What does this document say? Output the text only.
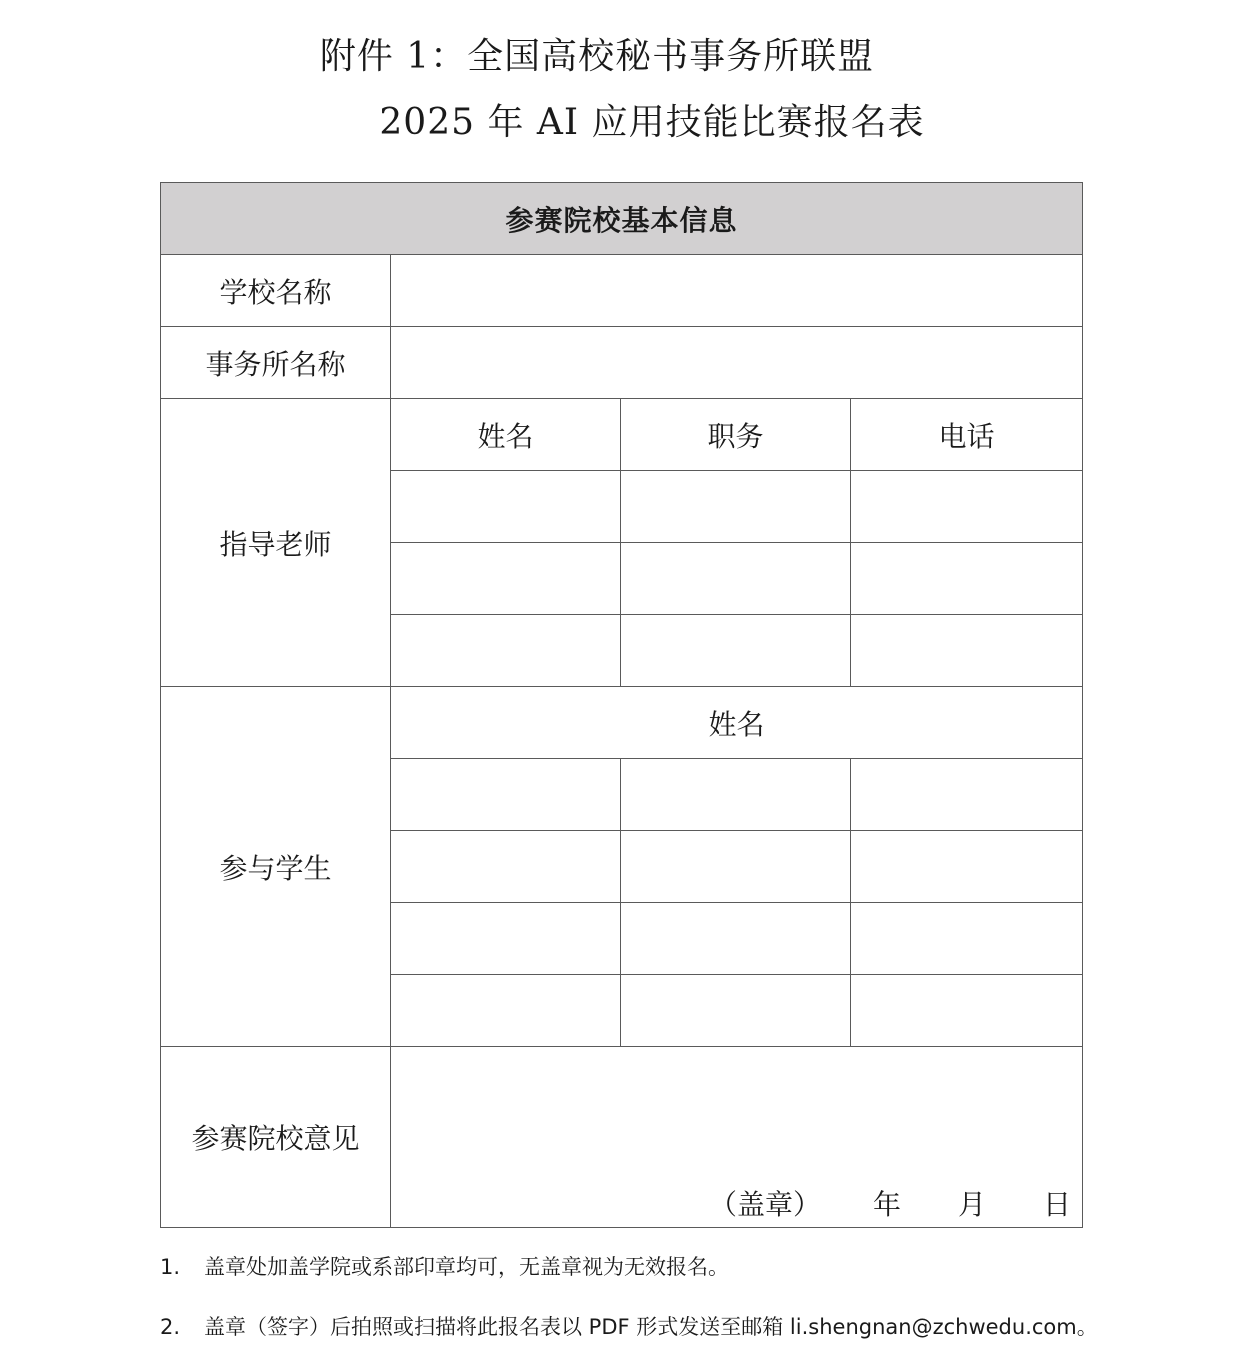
附件 1：全国高校秘书事务所联盟
2025 年 AI 应用技能比赛报名表
参赛院校基本信息			
学校名称			
事务所名称			
指导老师	姓名	职务	电话

参与学生	姓名		

参赛院校意见	（盖章） 年 月 日		
1. 盖章处加盖学院或系部印章均可，无盖章视为无效报名。
2. 盖章（签字）后拍照或扫描将此报名表以 PDF 形式发送至邮箱 li.shengnan@zchwedu.com。
